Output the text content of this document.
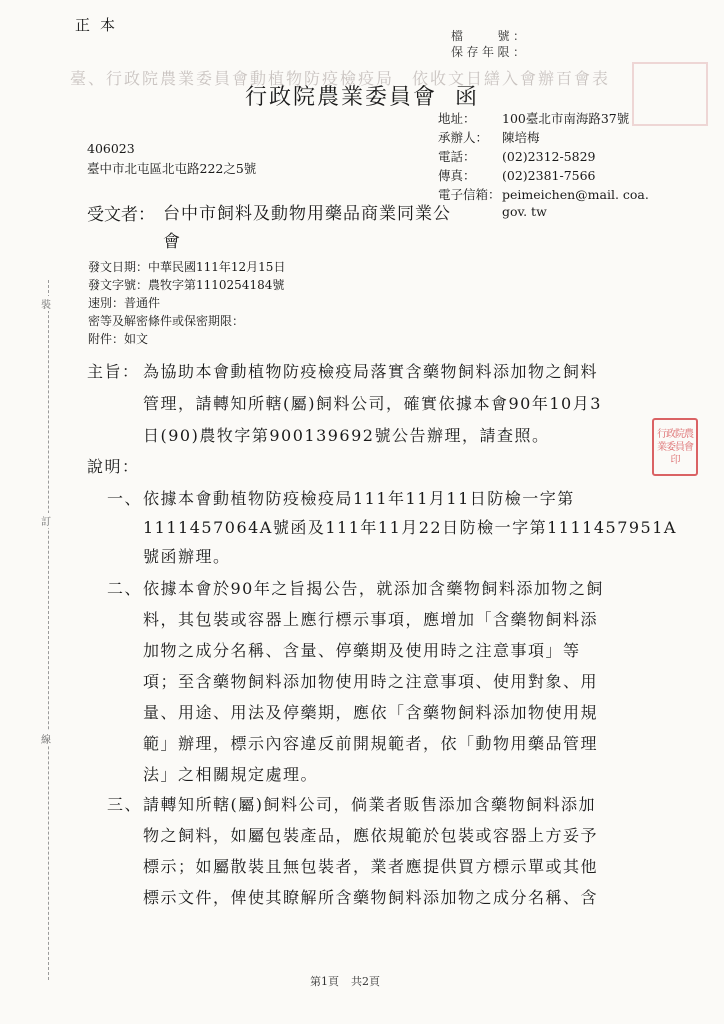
臺、行政院農業委員會動植物防疫檢疫局　依收文日繕入會辦百會表
裝
訂
線
正本
檔　　號：
保存年限：
行政院農業委員會 函
地址： 100臺北市南海路37號
承辦人： 陳培梅
電話： (02)2312-5829
傳真： (02)2381-7566
電子信箱：peimeichen@mail. coa.
gov. tw
406023
臺中市北屯區北屯路222之5號
受文者： 台中市飼料及動物用藥品商業同業公會
發文日期：中華民國111年12月15日
發文字號：農牧字第1110254184號
速別：普通件
密等及解密條件或保密期限：
附件：如文
主旨： 為協助本會動植物防疫檢疫局落實含藥物飼料添加物之飼料
管理，請轉知所轄(屬)飼料公司，確實依據本會90年10月3
日(90)農牧字第900139692號公告辦理，請查照。	行政院農業委員會印
說明：
一、 依據本會動植物防疫檢疫局111年11月11日防檢一字第
1111457064A號函及111年11月22日防檢一字第1111457951A
號函辦理。
二、 依據本會於90年之旨揭公告，就添加含藥物飼料添加物之飼
料，其包裝或容器上應行標示事項，應增加「含藥物飼料添
加物之成分名稱、含量、停藥期及使用時之注意事項」等
項；至含藥物飼料添加物使用時之注意事項、使用對象、用
量、用途、用法及停藥期，應依「含藥物飼料添加物使用規
範」辦理，標示內容違反前開規範者，依「動物用藥品管理
法」之相關規定處理。
三、 請轉知所轄(屬)飼料公司，倘業者販售添加含藥物飼料添加
物之飼料，如屬包裝產品，應依規範於包裝或容器上方妥予
標示；如屬散裝且無包裝者，業者應提供買方標示單或其他
標示文件，俾使其瞭解所含藥物飼料添加物之成分名稱、含
第1頁 共2頁
